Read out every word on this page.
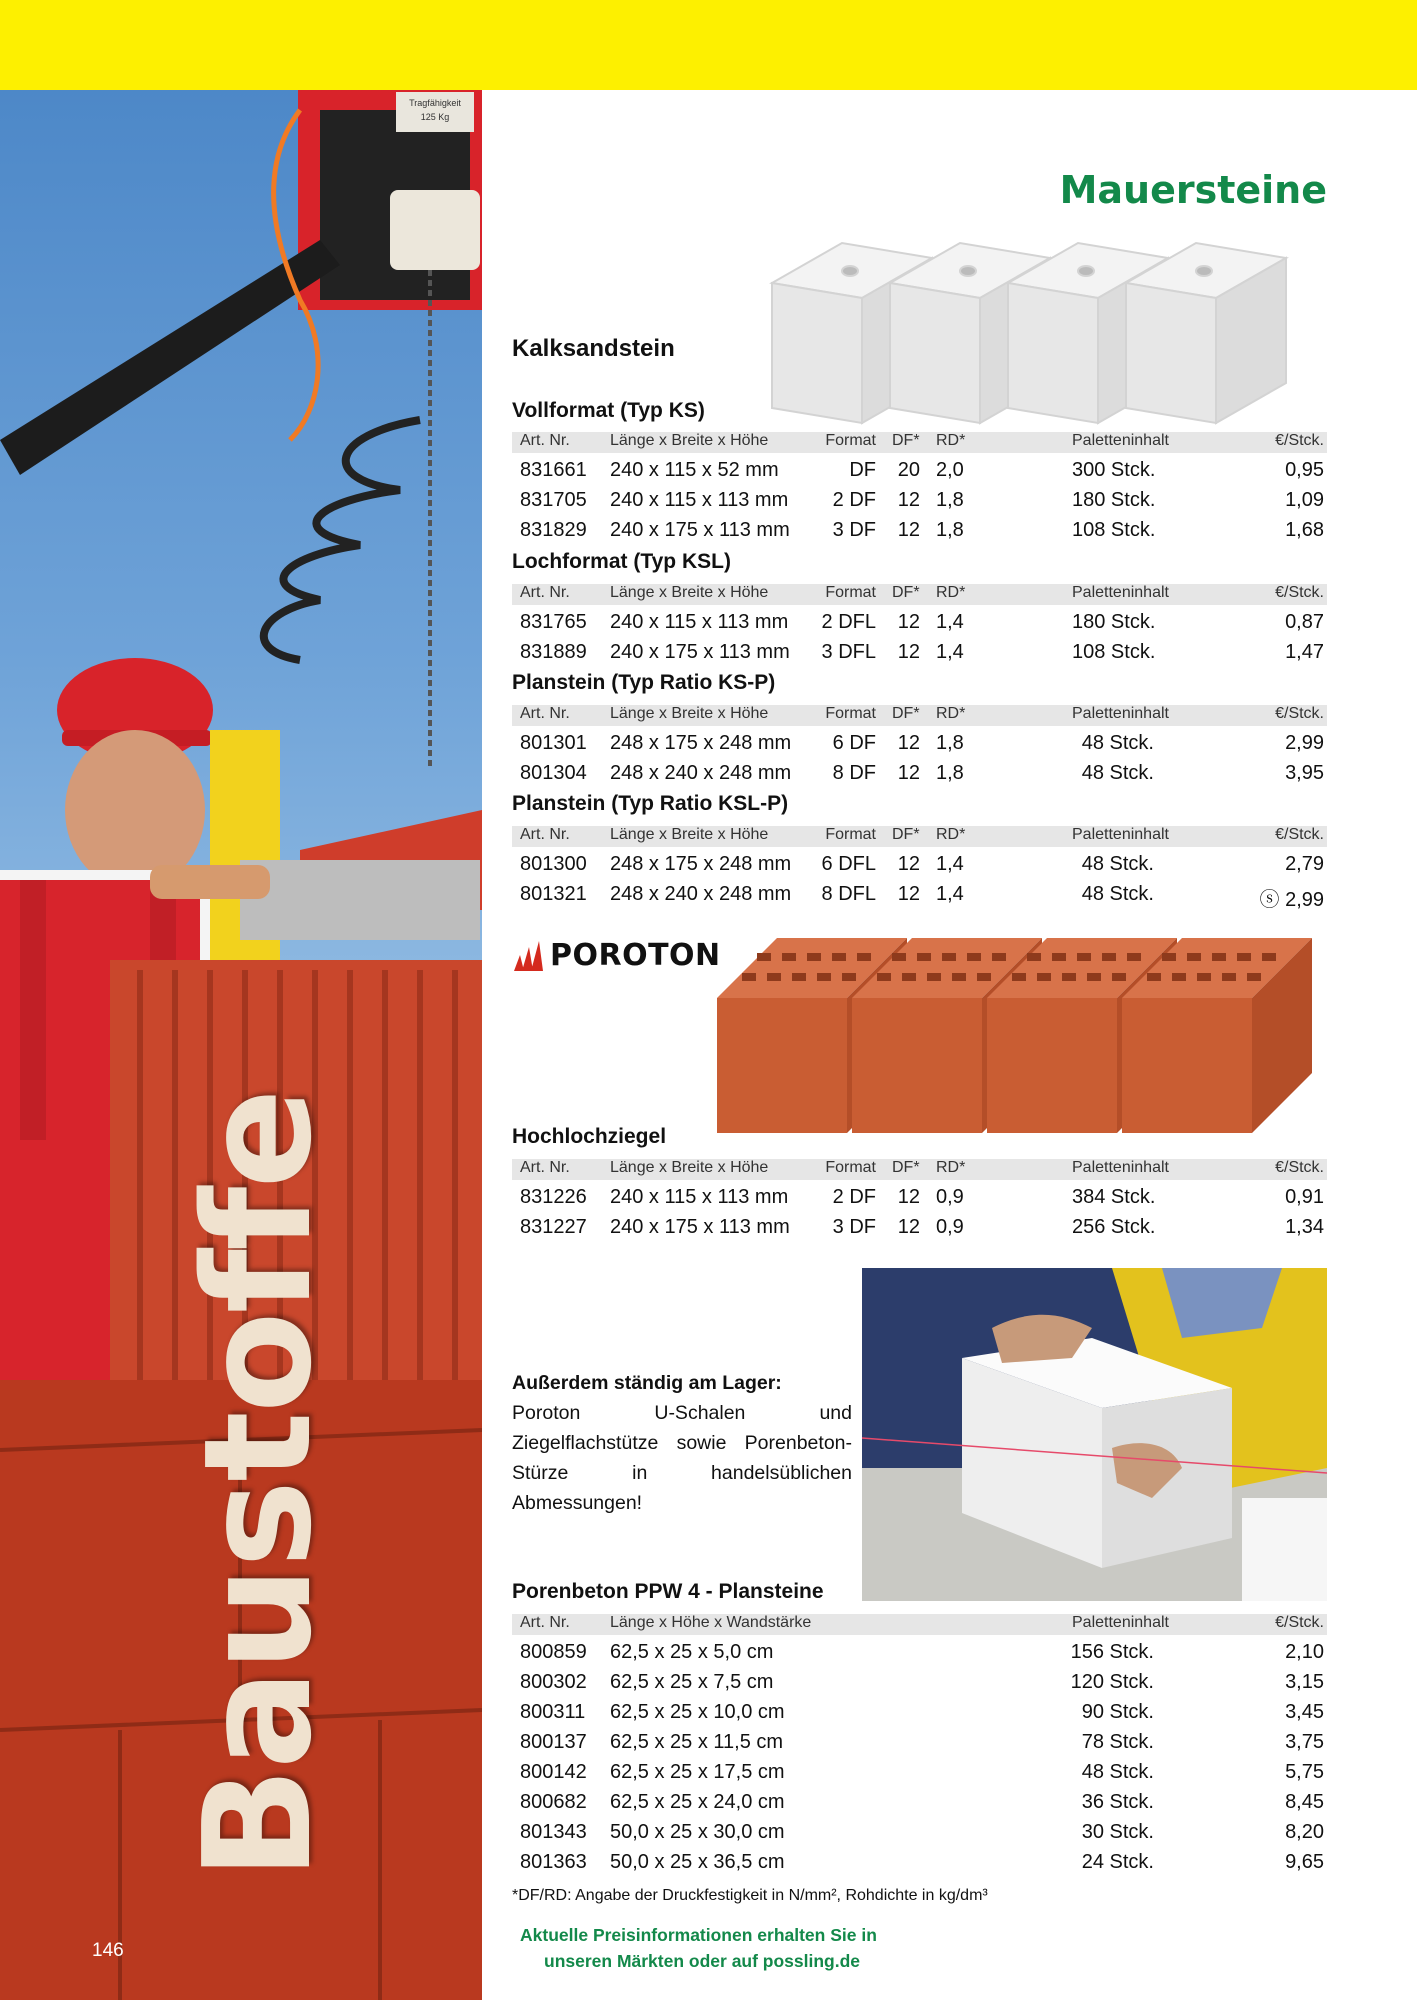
Tragfähigkeit
125 Kg
Baustoffe
146
Mauersteine
Kalksandstein
Vollformat (Typ KS)
Art. Nr.	Länge x Breite x Höhe	Format DF* RD*	Paletteninhalt	€/Stck.
831661 240 x 115 x 52 mm	DF	20 2,0	300 Stck.	0,95
831705 240 x 115 x 113 mm	2 DF	12 1,8	180 Stck.	1,09
831829 240 x 175 x 113 mm	3 DF	12 1,8	108 Stck.	1,68
Lochformat (Typ KSL)
Art. Nr.	Länge x Breite x Höhe	Format DF* RD*	Paletteninhalt	€/Stck.
831765 240 x 115 x 113 mm 2 DFL	12 1,4	180 Stck.	0,87
831889 240 x 175 x 113 mm 3 DFL	12 1,4	108 Stck.	1,47
Planstein (Typ Ratio KS-P)
Art. Nr.	Länge x Breite x Höhe	Format DF* RD*	Paletteninhalt	€/Stck.
801301 248 x 175 x 248 mm	6 DF	12 1,8	48 Stck.	2,99
801304 248 x 240 x 248 mm	8 DF	12 1,8	48 Stck.	3,95
Planstein (Typ Ratio KSL-P)
Art. Nr.	Länge x Breite x Höhe	Format DF* RD*	Paletteninhalt	€/Stck.
801300 248 x 175 x 248 mm 6 DFL	12 1,4	48 Stck.	2,79
801321 248 x 240 x 248 mm 8 DFL	12 1,4	48 Stck.	ⓢ 2,99
POROTON
Hochlochziegel
Art. Nr.	Länge x Breite x Höhe	Format DF* RD*	Paletteninhalt	€/Stck.
831226 240 x 115 x 113 mm	2 DF	12 0,9	384 Stck.	0,91
831227 240 x 175 x 113 mm	3 DF	12 0,9	256 Stck.	1,34
Außerdem ständig am Lager:
Poroton U-Schalen und Ziegelflachstütze sowie Porenbeton-Stürze in handelsüblichen Abmessungen!
Porenbeton PPW 4 - Plansteine
Art. Nr.	Länge x Höhe x Wandstärke	Paletteninhalt	€/Stck.
800859 62,5 x 25 x 5,0 cm	156 Stck.	2,10
800302 62,5 x 25 x 7,5 cm	120 Stck.	3,15
800311 62,5 x 25 x 10,0 cm	90 Stck.	3,45
800137 62,5 x 25 x 11,5 cm	78 Stck.	3,75
800142 62,5 x 25 x 17,5 cm	48 Stck.	5,75
800682 62,5 x 25 x 24,0 cm	36 Stck.	8,45
801343 50,0 x 25 x 30,0 cm	30 Stck.	8,20
801363 50,0 x 25 x 36,5 cm	24 Stck.	9,65
*DF/RD: Angabe der Druckfestigkeit in N/mm², Rohdichte in kg/dm³
Aktuelle Preisinformationen erhalten Sie in
unseren Märkten oder auf possling.de
